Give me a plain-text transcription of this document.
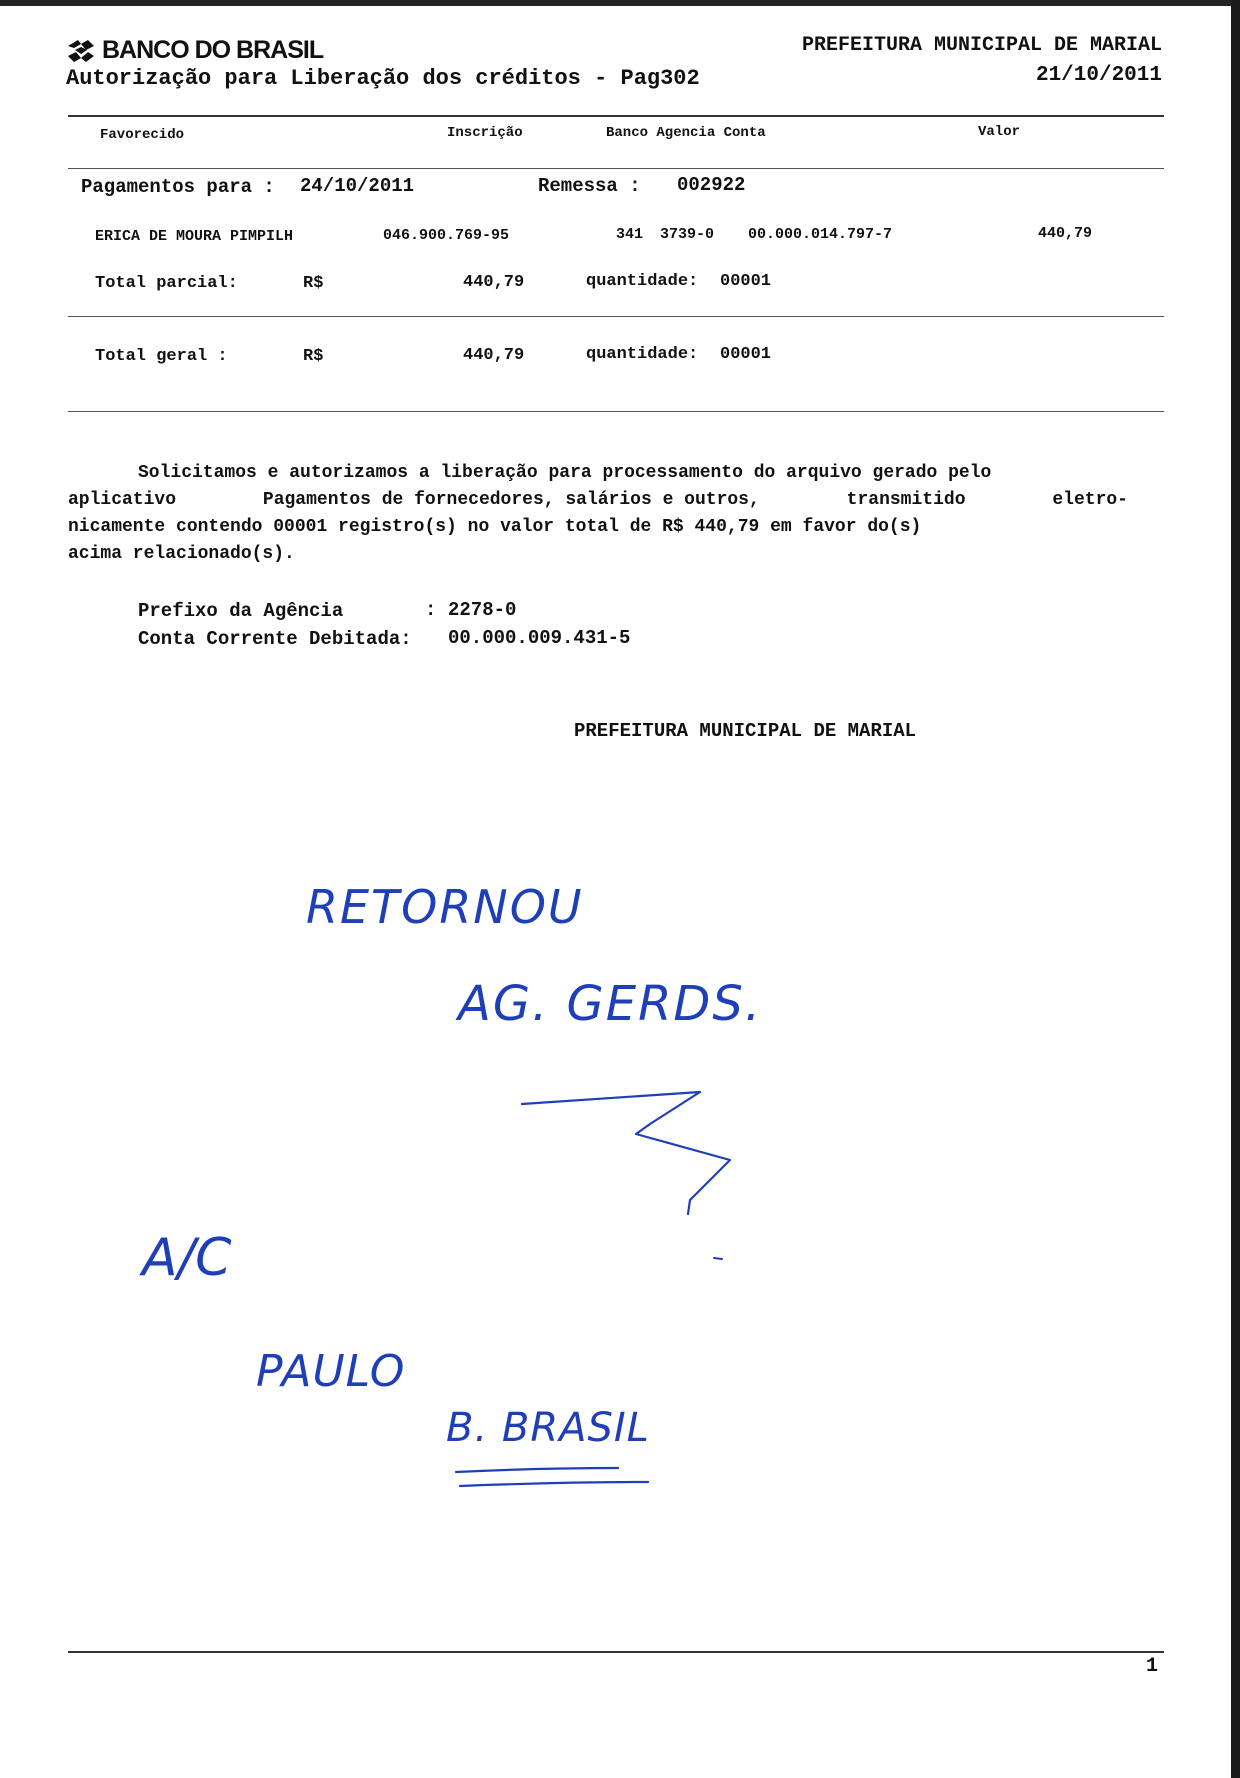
BANCO DO BRASIL
Autorização para Liberação dos créditos - Pag302
PREFEITURA MUNICIPAL DE MARIAL
21/10/2011
Favorecido	Inscrição	Banco Agencia Conta	Valor
Pagamentos para : 24/10/2011	Remessa : 002922
ERICA DE MOURA PIMPILH	046.900.769-95	341 3739-0 00.000.014.797-7	440,79
Total parcial:	R$	440,79	quantidade: 00001
Total geral :	R$	440,79	quantidade: 00001
Solicitamos e autorizamos a liberação para processamento do arquivo gerado pelo
aplicativo	Pagamentos de fornecedores, salários e outros,	transmitido	eletro-
nicamente contendo 00001 registro(s) no valor total de R$ 440,79 em favor do(s)
acima relacionado(s).
Prefixo da Agência	: 2278-0
Conta Corrente Debitada: 00.000.009.431-5
PREFEITURA MUNICIPAL DE MARIAL
RETORNOU
AG. GERDS.
A/C
PAULO
B. BRASIL
1
